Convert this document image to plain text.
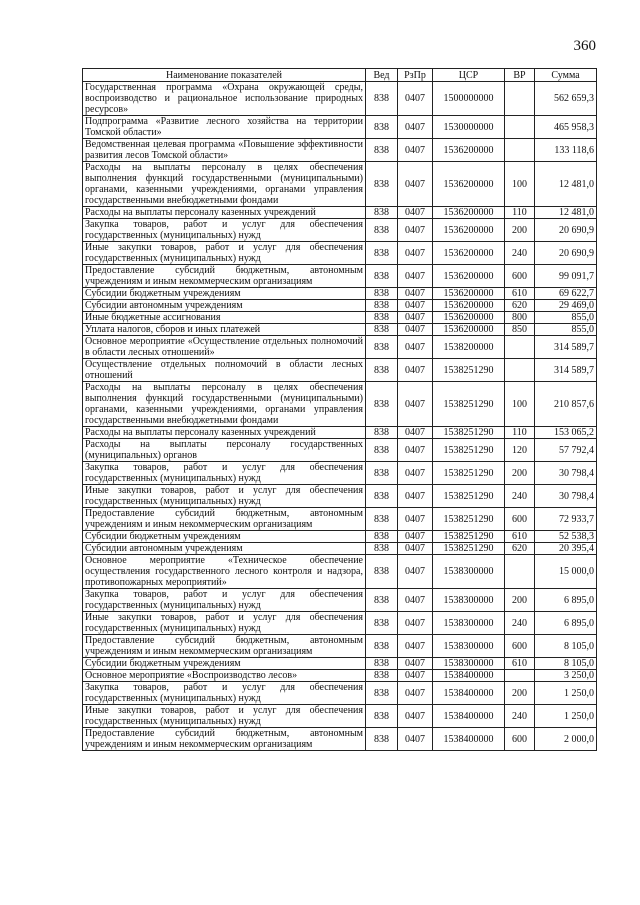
360
Наименование показателей	Вед	РзПр	ЦСР	ВР	Сумма
Государственная программа «Охрана окружающей среды, воспроизводство и рациональное использование природных ресурсов»	838	0407	1500000000		562 659,3
Подпрограмма «Развитие лесного хозяйства на территории Томской области»	838	0407	1530000000		465 958,3
Ведомственная целевая программа «Повышение эффективности развития лесов Томской области»	838	0407	1536200000		133 118,6
Расходы на выплаты персоналу в целях обеспечения выполнения функций государственными (муниципальными) органами, казенными учреждениями, органами управления государственными внебюджетными фондами	838	0407	1536200000	100	12 481,0
Расходы на выплаты персоналу казенных учреждений	838	0407	1536200000	110	12 481,0
Закупка товаров, работ и услуг для обеспечения государственных (муниципальных) нужд	838	0407	1536200000	200	20 690,9
Иные закупки товаров, работ и услуг для обеспечения государственных (муниципальных) нужд	838	0407	1536200000	240	20 690,9
Предоставление субсидий бюджетным, автономным учреждениям и иным некоммерческим организациям	838	0407	1536200000	600	99 091,7
Субсидии бюджетным учреждениям	838	0407	1536200000	610	69 622,7
Субсидии автономным учреждениям	838	0407	1536200000	620	29 469,0
Иные бюджетные ассигнования	838	0407	1536200000	800	855,0
Уплата налогов, сборов и иных платежей	838	0407	1536200000	850	855,0
Основное мероприятие «Осуществление отдельных полномочий в области лесных отношений»	838	0407	1538200000		314 589,7
Осуществление отдельных полномочий в области лесных отношений	838	0407	1538251290		314 589,7
Расходы на выплаты персоналу в целях обеспечения выполнения функций государственными (муниципальными) органами, казенными учреждениями, органами управления государственными внебюджетными фондами	838	0407	1538251290	100	210 857,6
Расходы на выплаты персоналу казенных учреждений	838	0407	1538251290	110	153 065,2
Расходы на выплаты персоналу государственных (муниципальных) органов	838	0407	1538251290	120	57 792,4
Закупка товаров, работ и услуг для обеспечения государственных (муниципальных) нужд	838	0407	1538251290	200	30 798,4
Иные закупки товаров, работ и услуг для обеспечения государственных (муниципальных) нужд	838	0407	1538251290	240	30 798,4
Предоставление субсидий бюджетным, автономным учреждениям и иным некоммерческим организациям	838	0407	1538251290	600	72 933,7
Субсидии бюджетным учреждениям	838	0407	1538251290	610	52 538,3
Субсидии автономным учреждениям	838	0407	1538251290	620	20 395,4
Основное мероприятие «Техническое обеспечение осуществления государственного лесного контроля и надзора, противопожарных мероприятий»	838	0407	1538300000		15 000,0
Закупка товаров, работ и услуг для обеспечения государственных (муниципальных) нужд	838	0407	1538300000	200	6 895,0
Иные закупки товаров, работ и услуг для обеспечения государственных (муниципальных) нужд	838	0407	1538300000	240	6 895,0
Предоставление субсидий бюджетным, автономным учреждениям и иным некоммерческим организациям	838	0407	1538300000	600	8 105,0
Субсидии бюджетным учреждениям	838	0407	1538300000	610	8 105,0
Основное мероприятие «Воспроизводство лесов»	838	0407	1538400000		3 250,0
Закупка товаров, работ и услуг для обеспечения государственных (муниципальных) нужд	838	0407	1538400000	200	1 250,0
Иные закупки товаров, работ и услуг для обеспечения государственных (муниципальных) нужд	838	0407	1538400000	240	1 250,0
Предоставление субсидий бюджетным, автономным учреждениям и иным некоммерческим организациям	838	0407	1538400000	600	2 000,0
